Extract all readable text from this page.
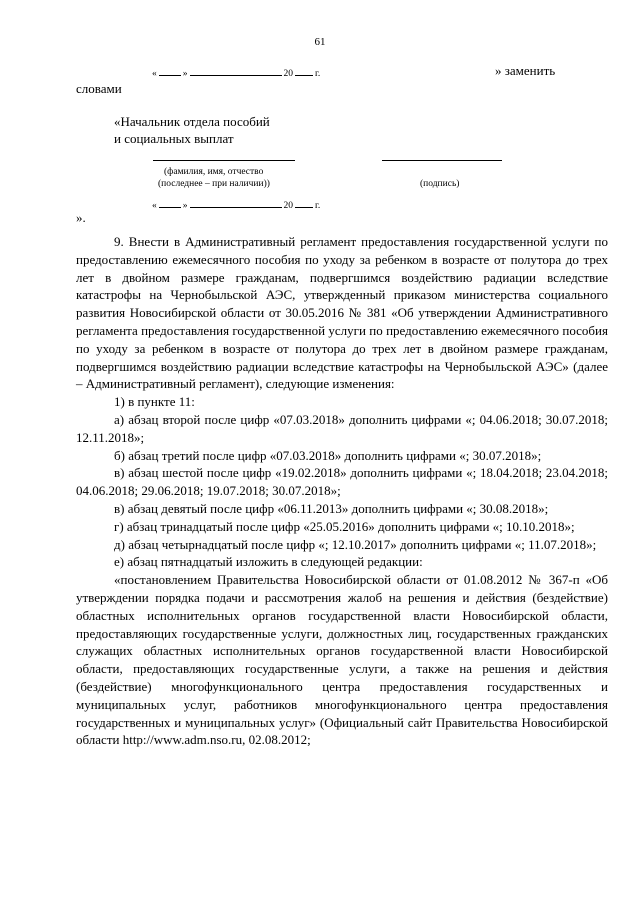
61
«	»	20 г.	» заменить
словами
«Начальник отдела пособий
и социальных выплат
(фамилия, имя, отчество
(последнее – при наличии))	(подпись)
«	»	20 г.
».

9. Внести в Административный регламент предоставления государственной услуги по предоставлению ежемесячного пособия по уходу за ребенком в возрасте от полутора до трех лет в двойном размере гражданам, подвергшимся воздействию радиации вследствие катастрофы на Чернобыльской АЭС, утвержденный приказом министерства социального развития Новосибирской области от 30.05.2016 № 381 «Об утверждении Административного регламента предоставления государственной услуги по предоставлению ежемесячного пособия по уходу за ребенком в возрасте от полутора до трех лет в двойном размере гражданам, подвергшимся воздействию радиации вследствие катастрофы на Чернобыльской АЭС» (далее – Административный регламент), следующие изменения:

1) в пункте 11:

а) абзац второй после цифр «07.03.2018» дополнить цифрами «; 04.06.2018; 30.07.2018; 12.11.2018»;

б) абзац третий после цифр «07.03.2018» дополнить цифрами «; 30.07.2018»;

в) абзац шестой после цифр «19.02.2018» дополнить цифрами «; 18.04.2018; 23.04.2018; 04.06.2018; 29.06.2018; 19.07.2018; 30.07.2018»;

в) абзац девятый после цифр «06.11.2013» дополнить цифрами «; 30.08.2018»;

г) абзац тринадцатый после цифр «25.05.2016» дополнить цифрами «; 10.10.2018»;

д) абзац четырнадцатый после цифр «; 12.10.2017» дополнить цифрами «; 11.07.2018»;

е) абзац пятнадцатый изложить в следующей редакции:

«постановлением Правительства Новосибирской области от 01.08.2012 № 367-п «Об утверждении порядка подачи и рассмотрения жалоб на решения и действия (бездействие) областных исполнительных органов государственной власти Новосибирской области, предоставляющих государственные услуги, должностных лиц, государственных гражданских служащих областных исполнительных органов государственной власти Новосибирской области, предоставляющих государственные услуги, а также на решения и действия (бездействие) многофункционального центра предоставления государственных и муниципальных услуг, работников многофункционального центра предоставления государственных и муниципальных услуг» (Официальный сайт Правительства Новосибирской области http://www.adm.nso.ru, 02.08.2012;
